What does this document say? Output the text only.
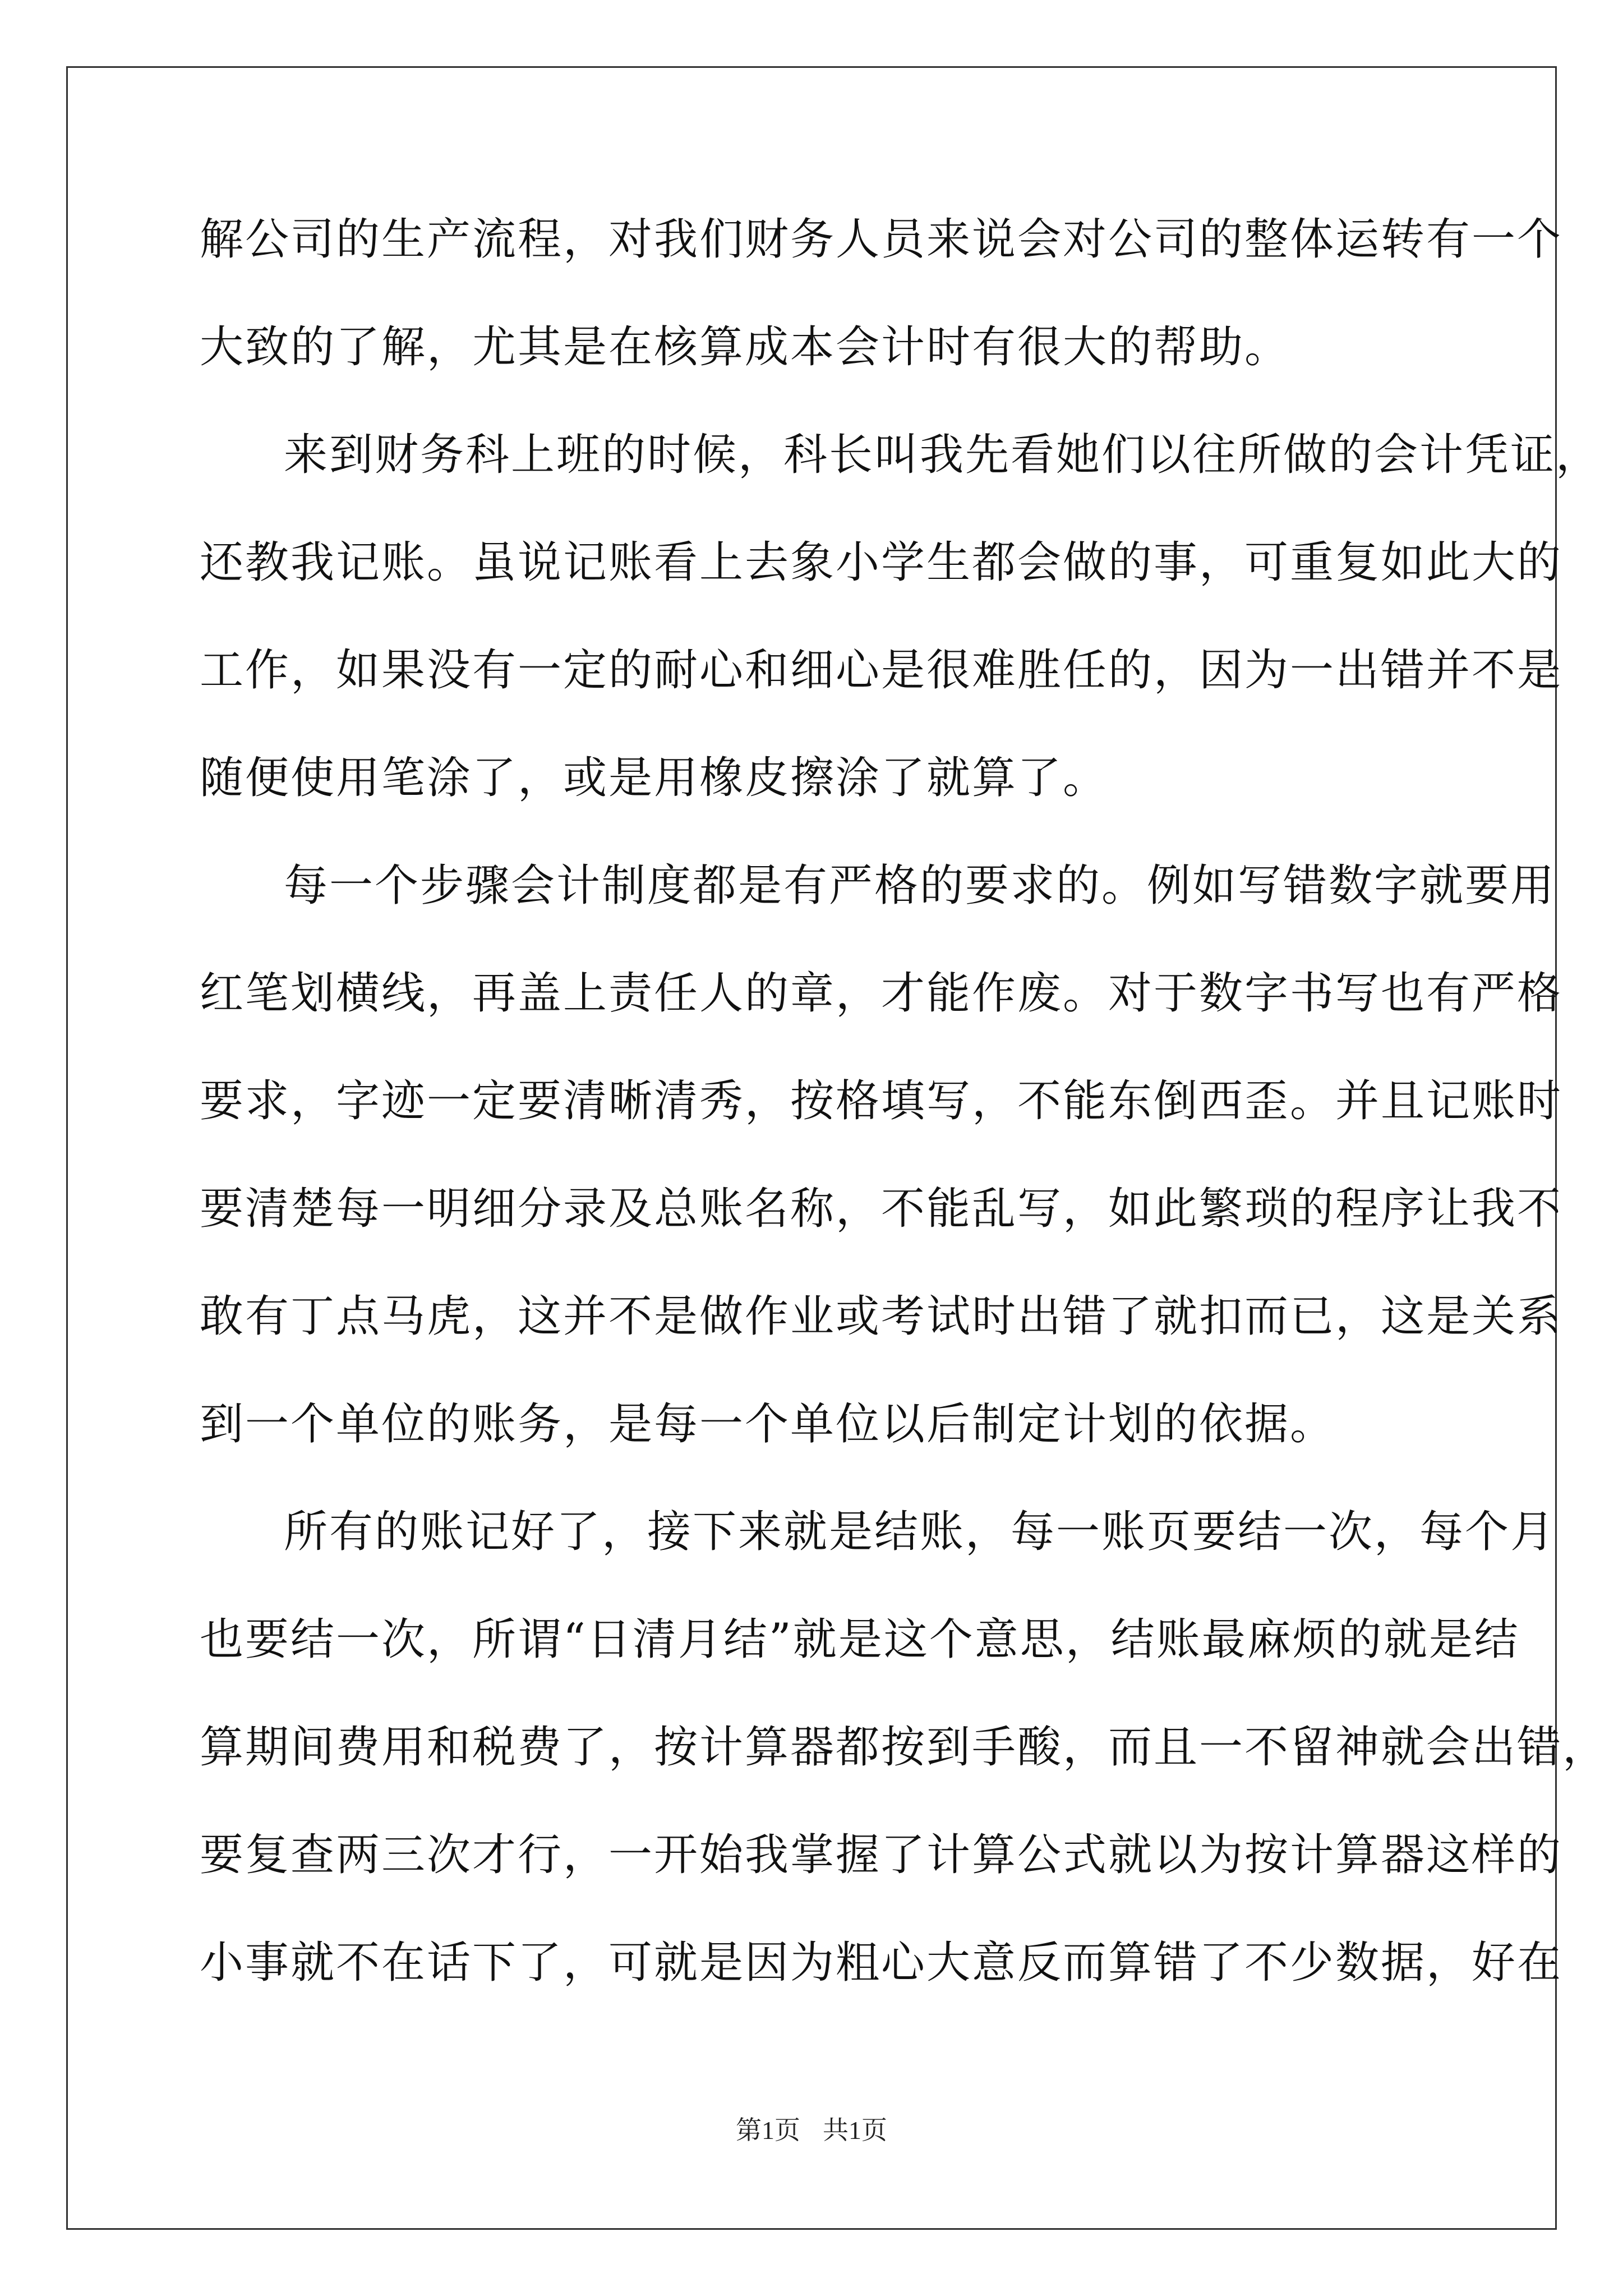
解公司的生产流程，对我们财务人员来说会对公司的整体运转有一个
大致的了解，尤其是在核算成本会计时有很大的帮助。
来到财务科上班的时候，科长叫我先看她们以往所做的会计凭证，
还教我记账。虽说记账看上去象小学生都会做的事，可重复如此大的
工作，如果没有一定的耐心和细心是很难胜任的，因为一出错并不是
随便使用笔涂了，或是用橡皮擦涂了就算了。
每一个步骤会计制度都是有严格的要求的。例如写错数字就要用
红笔划横线，再盖上责任人的章，才能作废。对于数字书写也有严格
要求，字迹一定要清晰清秀，按格填写，不能东倒西歪。并且记账时
要清楚每一明细分录及总账名称，不能乱写，如此繁琐的程序让我不
敢有丁点马虎，这并不是做作业或考试时出错了就扣而已，这是关系
到一个单位的账务，是每一个单位以后制定计划的依据。
所有的账记好了，接下来就是结账，每一账页要结一次，每个月
也要结一次，所谓“日清月结”就是这个意思，结账最麻烦的就是结
算期间费用和税费了，按计算器都按到手酸，而且一不留神就会出错，
要复查两三次才行，一开始我掌握了计算公式就以为按计算器这样的
小事就不在话下了，可就是因为粗心大意反而算错了不少数据，好在
第1页 共1页
